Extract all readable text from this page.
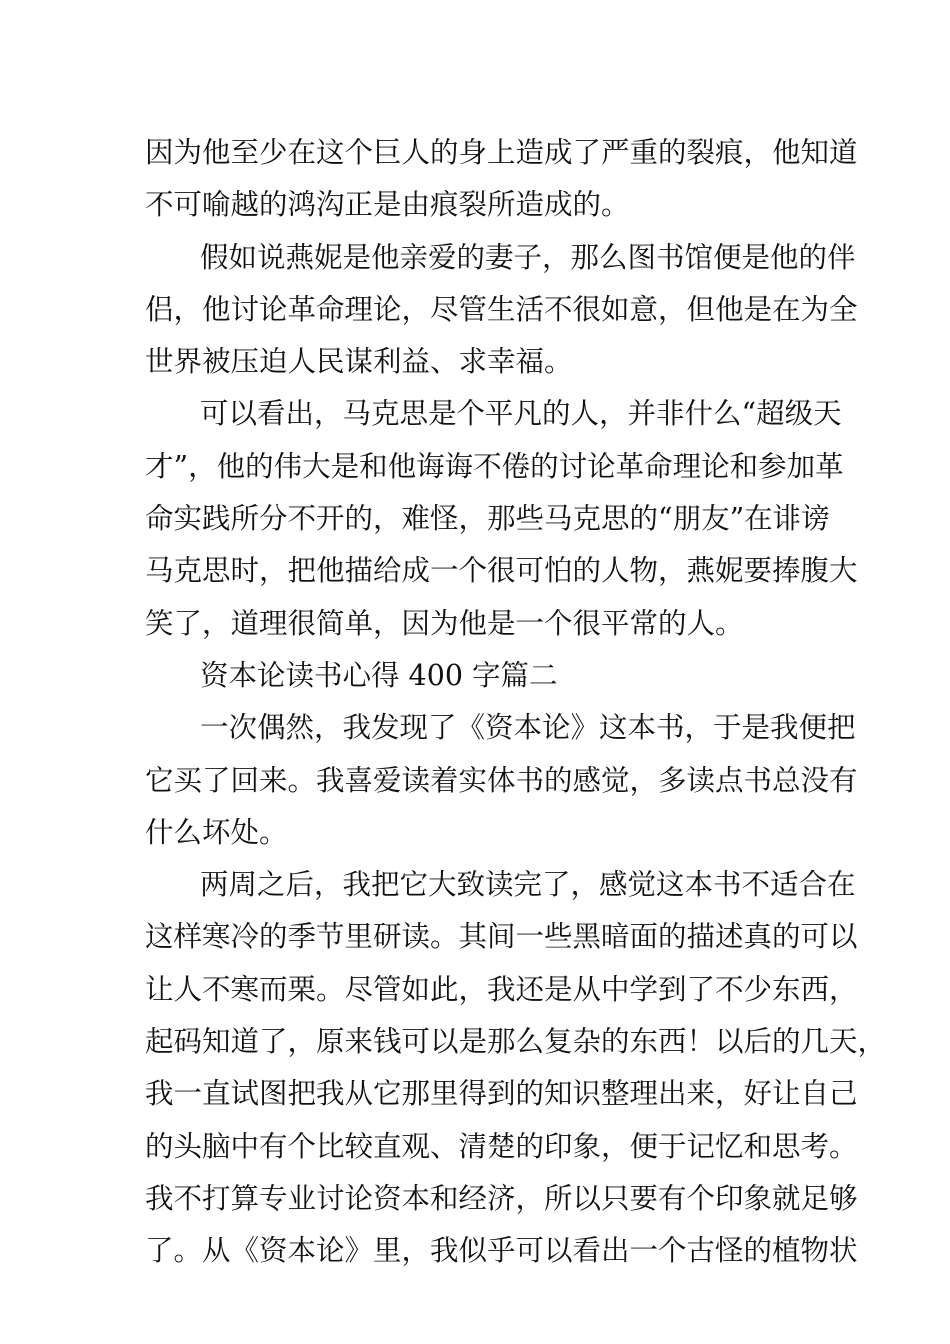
因为他至少在这个巨人的身上造成了严重的裂痕，他知道
不可喻越的鸿沟正是由痕裂所造成的。
假如说燕妮是他亲爱的妻子，那么图书馆便是他的伴
侣，他讨论革命理论，尽管生活不很如意，但他是在为全
世界被压迫人民谋利益、求幸福。
可以看出，马克思是个平凡的人，并非什么“超级天
才”，他的伟大是和他诲诲不倦的讨论革命理论和参加革
命实践所分不开的，难怪，那些马克思的“朋友”在诽谤
马克思时，把他描给成一个很可怕的人物，燕妮要捧腹大
笑了，道理很简单，因为他是一个很平常的人。
资本论读书心得 400 字篇二
一次偶然，我发现了《资本论》这本书，于是我便把
它买了回来。我喜爱读着实体书的感觉，多读点书总没有
什么坏处。
两周之后，我把它大致读完了，感觉这本书不适合在
这样寒冷的季节里研读。其间一些黑暗面的描述真的可以
让人不寒而栗。尽管如此，我还是从中学到了不少东西，
起码知道了，原来钱可以是那么复杂的东西！以后的几天，
我一直试图把我从它那里得到的知识整理出来，好让自己
的头脑中有个比较直观、清楚的印象，便于记忆和思考。
我不打算专业讨论资本和经济，所以只要有个印象就足够
了。从《资本论》里，我似乎可以看出一个古怪的植物状
